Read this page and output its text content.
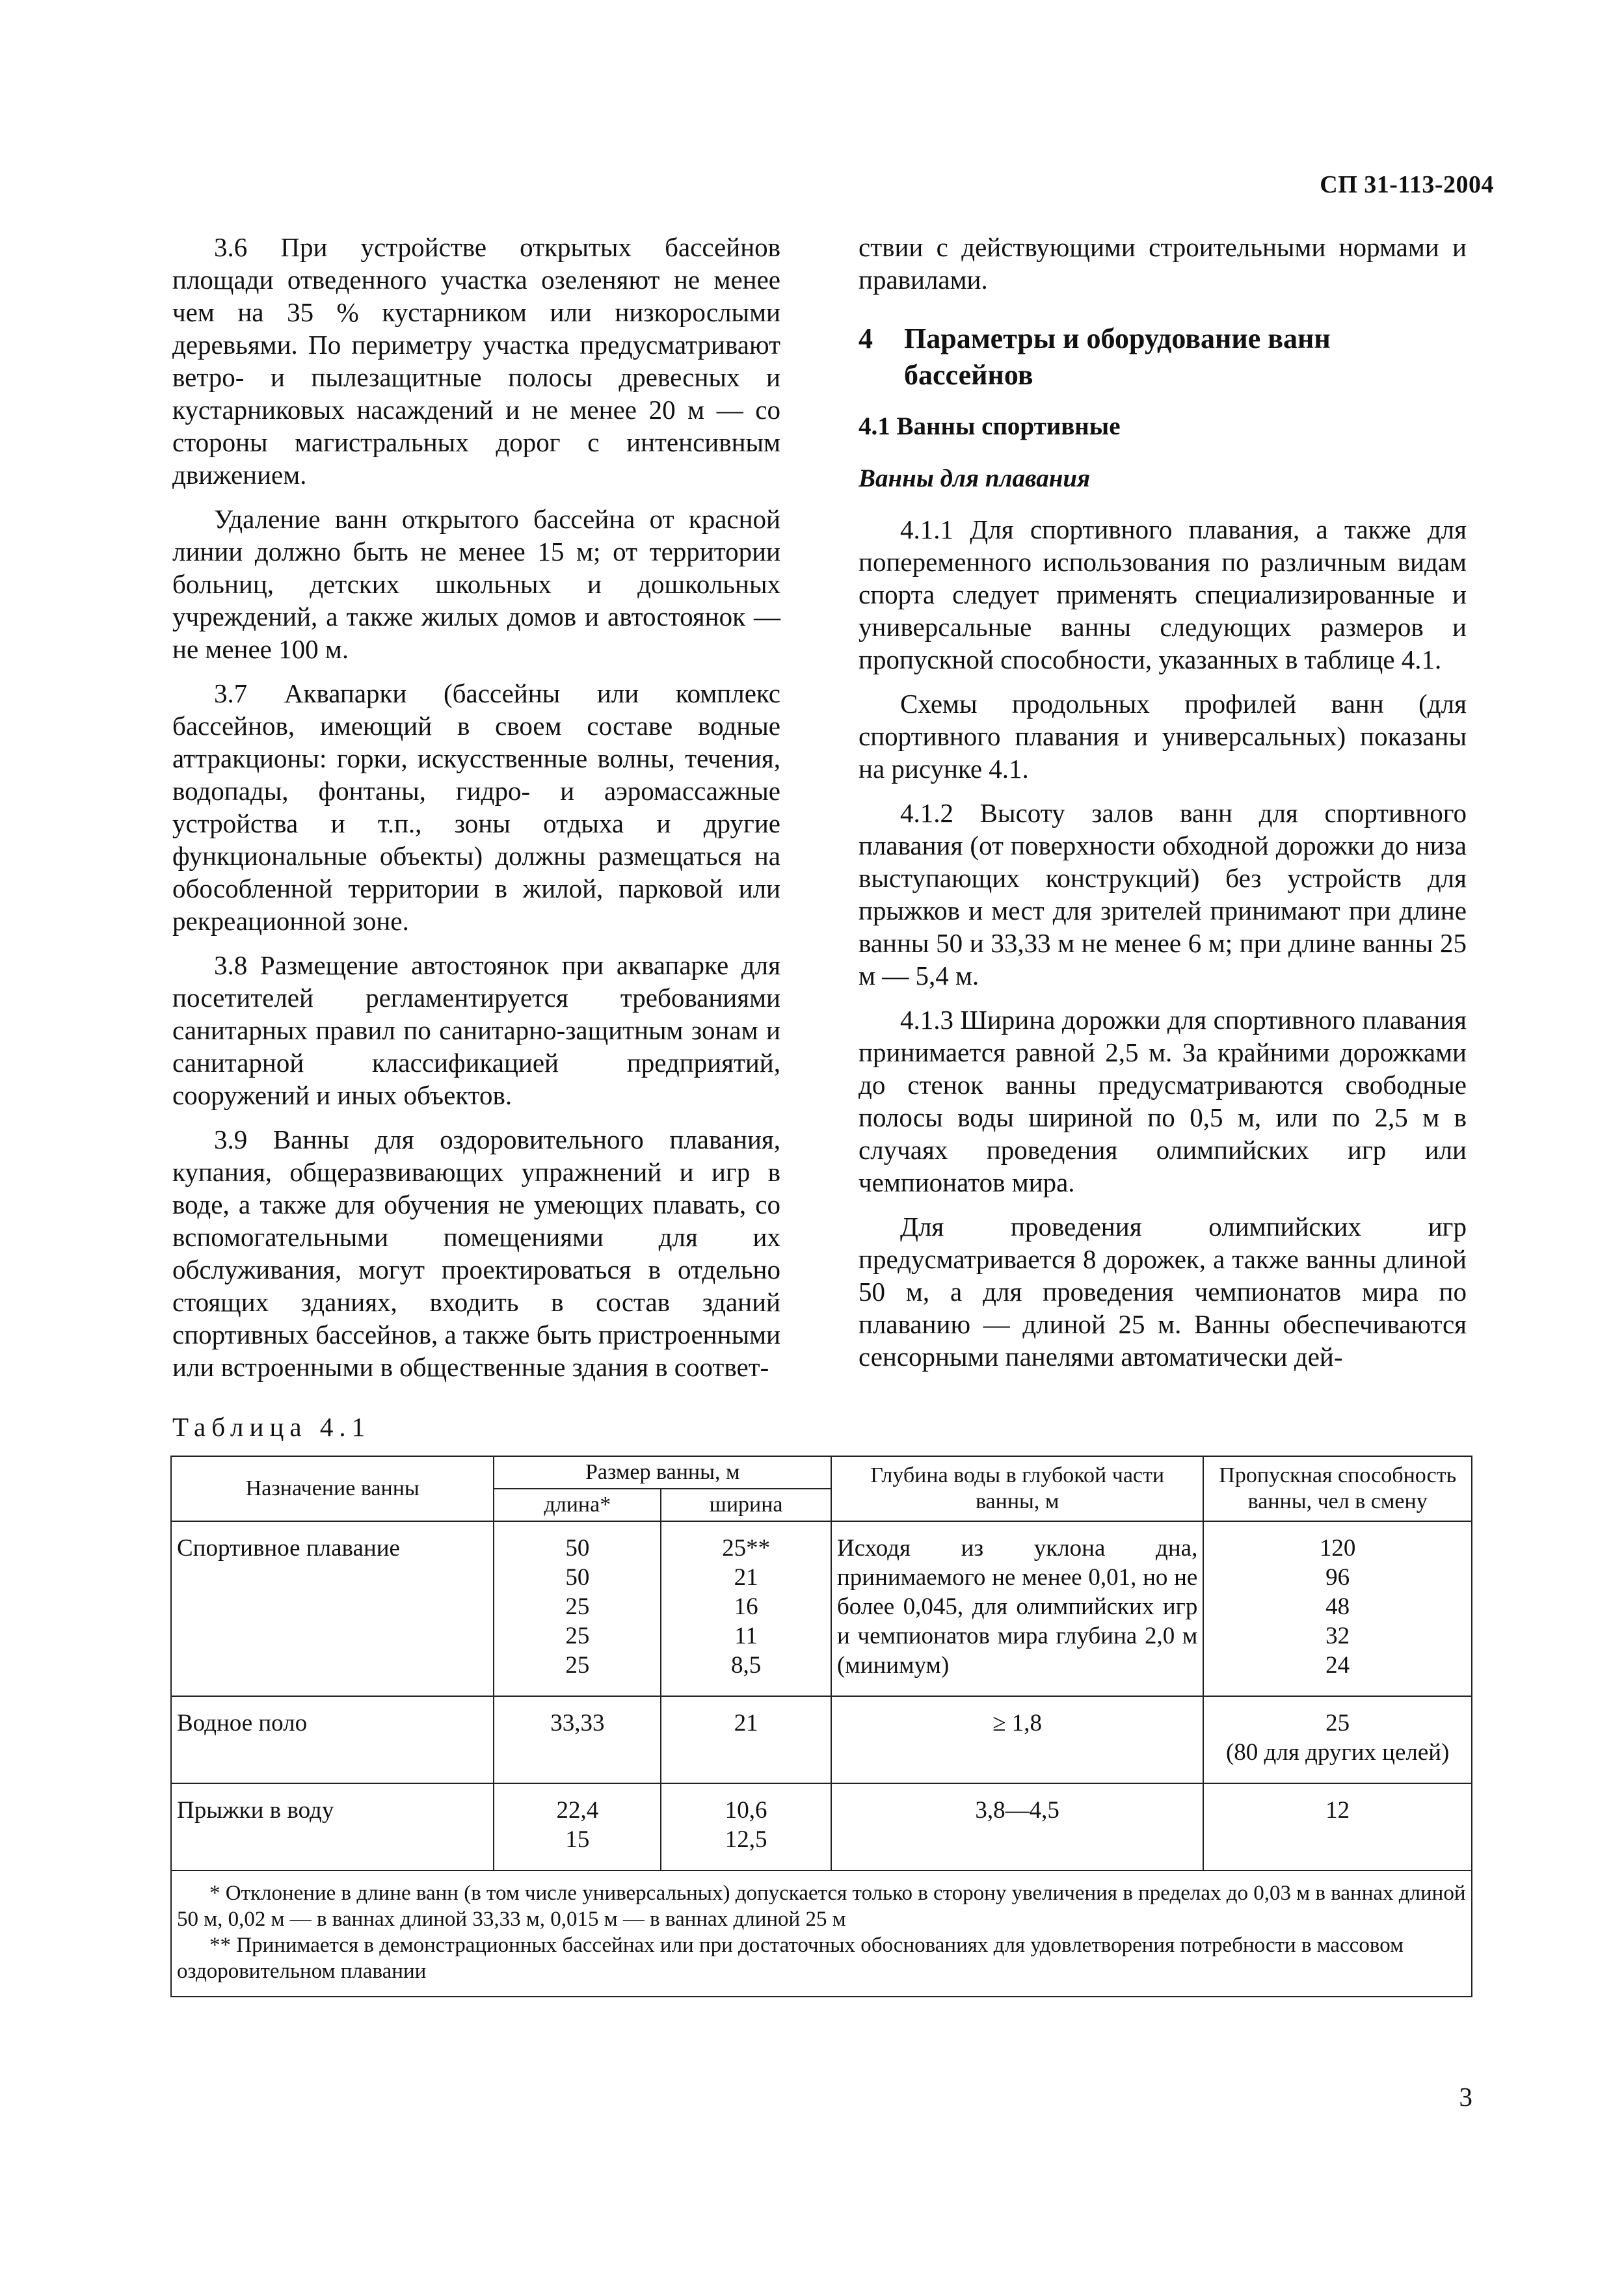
СП 31-113-2004

3.6 При устройстве открытых бассейнов площади отведенного участка озеленяют не менее чем на 35 % кустарником или низкорослыми деревьями. По периметру участка предусматривают ветро- и пылезащитные полосы древесных и кустарниковых насаждений и не менее 20 м — со стороны магистральных дорог с интенсивным движением.

Удаление ванн открытого бассейна от красной линии должно быть не менее 15 м; от территории больниц, детских школьных и дошкольных учреждений, а также жилых домов и автостоянок — не менее 100 м.

3.7 Аквапарки (бассейны или комплекс бассейнов, имеющий в своем составе водные аттракционы: горки, искусственные волны, течения, водопады, фонтаны, гидро- и аэромассажные устройства и т.п., зоны отдыха и другие функциональные объекты) должны размещаться на обособленной территории в жилой, парковой или рекреационной зоне.

3.8 Размещение автостоянок при аквапарке для посетителей регламентируется требованиями санитарных правил по санитарно-защитным зонам и санитарной классификацией предприятий, сооружений и иных объектов.

3.9 Ванны для оздоровительного плавания, купания, общеразвивающих упражнений и игр в воде, а также для обучения не умеющих плавать, со вспомогательными помещениями для их обслуживания, могут проектироваться в отдельно стоящих зданиях, входить в состав зданий спортивных бассейнов, а также быть пристроенными или встроенными в общественные здания в соответ-

ствии с действующими строительными нормами и правилами.

4 Параметры и оборудование ванн бассейнов
4.1 Ванны спортивные
Ванны для плавания

4.1.1 Для спортивного плавания, а также для попеременного использования по различным видам спорта следует применять специализированные и универсальные ванны следующих размеров и пропускной способности, указанных в таблице 4.1.

Схемы продольных профилей ванн (для спортивного плавания и универсальных) показаны на рисунке 4.1.

4.1.2 Высоту залов ванн для спортивного плавания (от поверхности обходной дорожки до низа выступающих конструкций) без устройств для прыжков и мест для зрителей принимают при длине ванны 50 и 33,33 м не менее 6 м; при длине ванны 25 м — 5,4 м.

4.1.3 Ширина дорожки для спортивного плавания принимается равной 2,5 м. За крайними дорожками до стенок ванны предусматриваются свободные полосы воды шириной по 0,5 м, или по 2,5 м в случаях проведения олимпийских игр или чемпионатов мира.

Для проведения олимпийских игр предусматривается 8 дорожек, а также ванны длиной 50 м, а для проведения чемпионатов мира по плаванию — длиной 25 м. Ванны обеспечиваются сенсорными панелями автоматически дей-

Таблица 4.1
Назначение ванны	Размер ванны, м		Глубина воды в глубокой части ванны, м	Пропускная способность ванны, чел в смену
	длина*	ширина		
Спортивное плавание	50
50
25
25
25	25**
21
16
11
8,5	Исходя из уклона дна, принимаемого не менее 0,01, но не более 0,045, для олимпийских игр и чемпионатов мира глубина 2,0 м (минимум)	120
96
48
32
24

Водное поло	33,33	21	≥ 1,8	25
(80 для других целей)

Прыжки в воду	22,4
15	10,6
12,5	3,8—4,5	12

* Отклонение в длине ванн (в том числе универсальных) допускается только в сторону увеличения в пределах до 0,03 м в ваннах длиной 50 м, 0,02 м — в ваннах длиной 33,33 м, 0,015 м — в ваннах длиной 25 м
** Принимается в демонстрационных бассейнах или при достаточных обоснованиях для удовлетворения потребности в массовом оздоровительном плавании				
3
